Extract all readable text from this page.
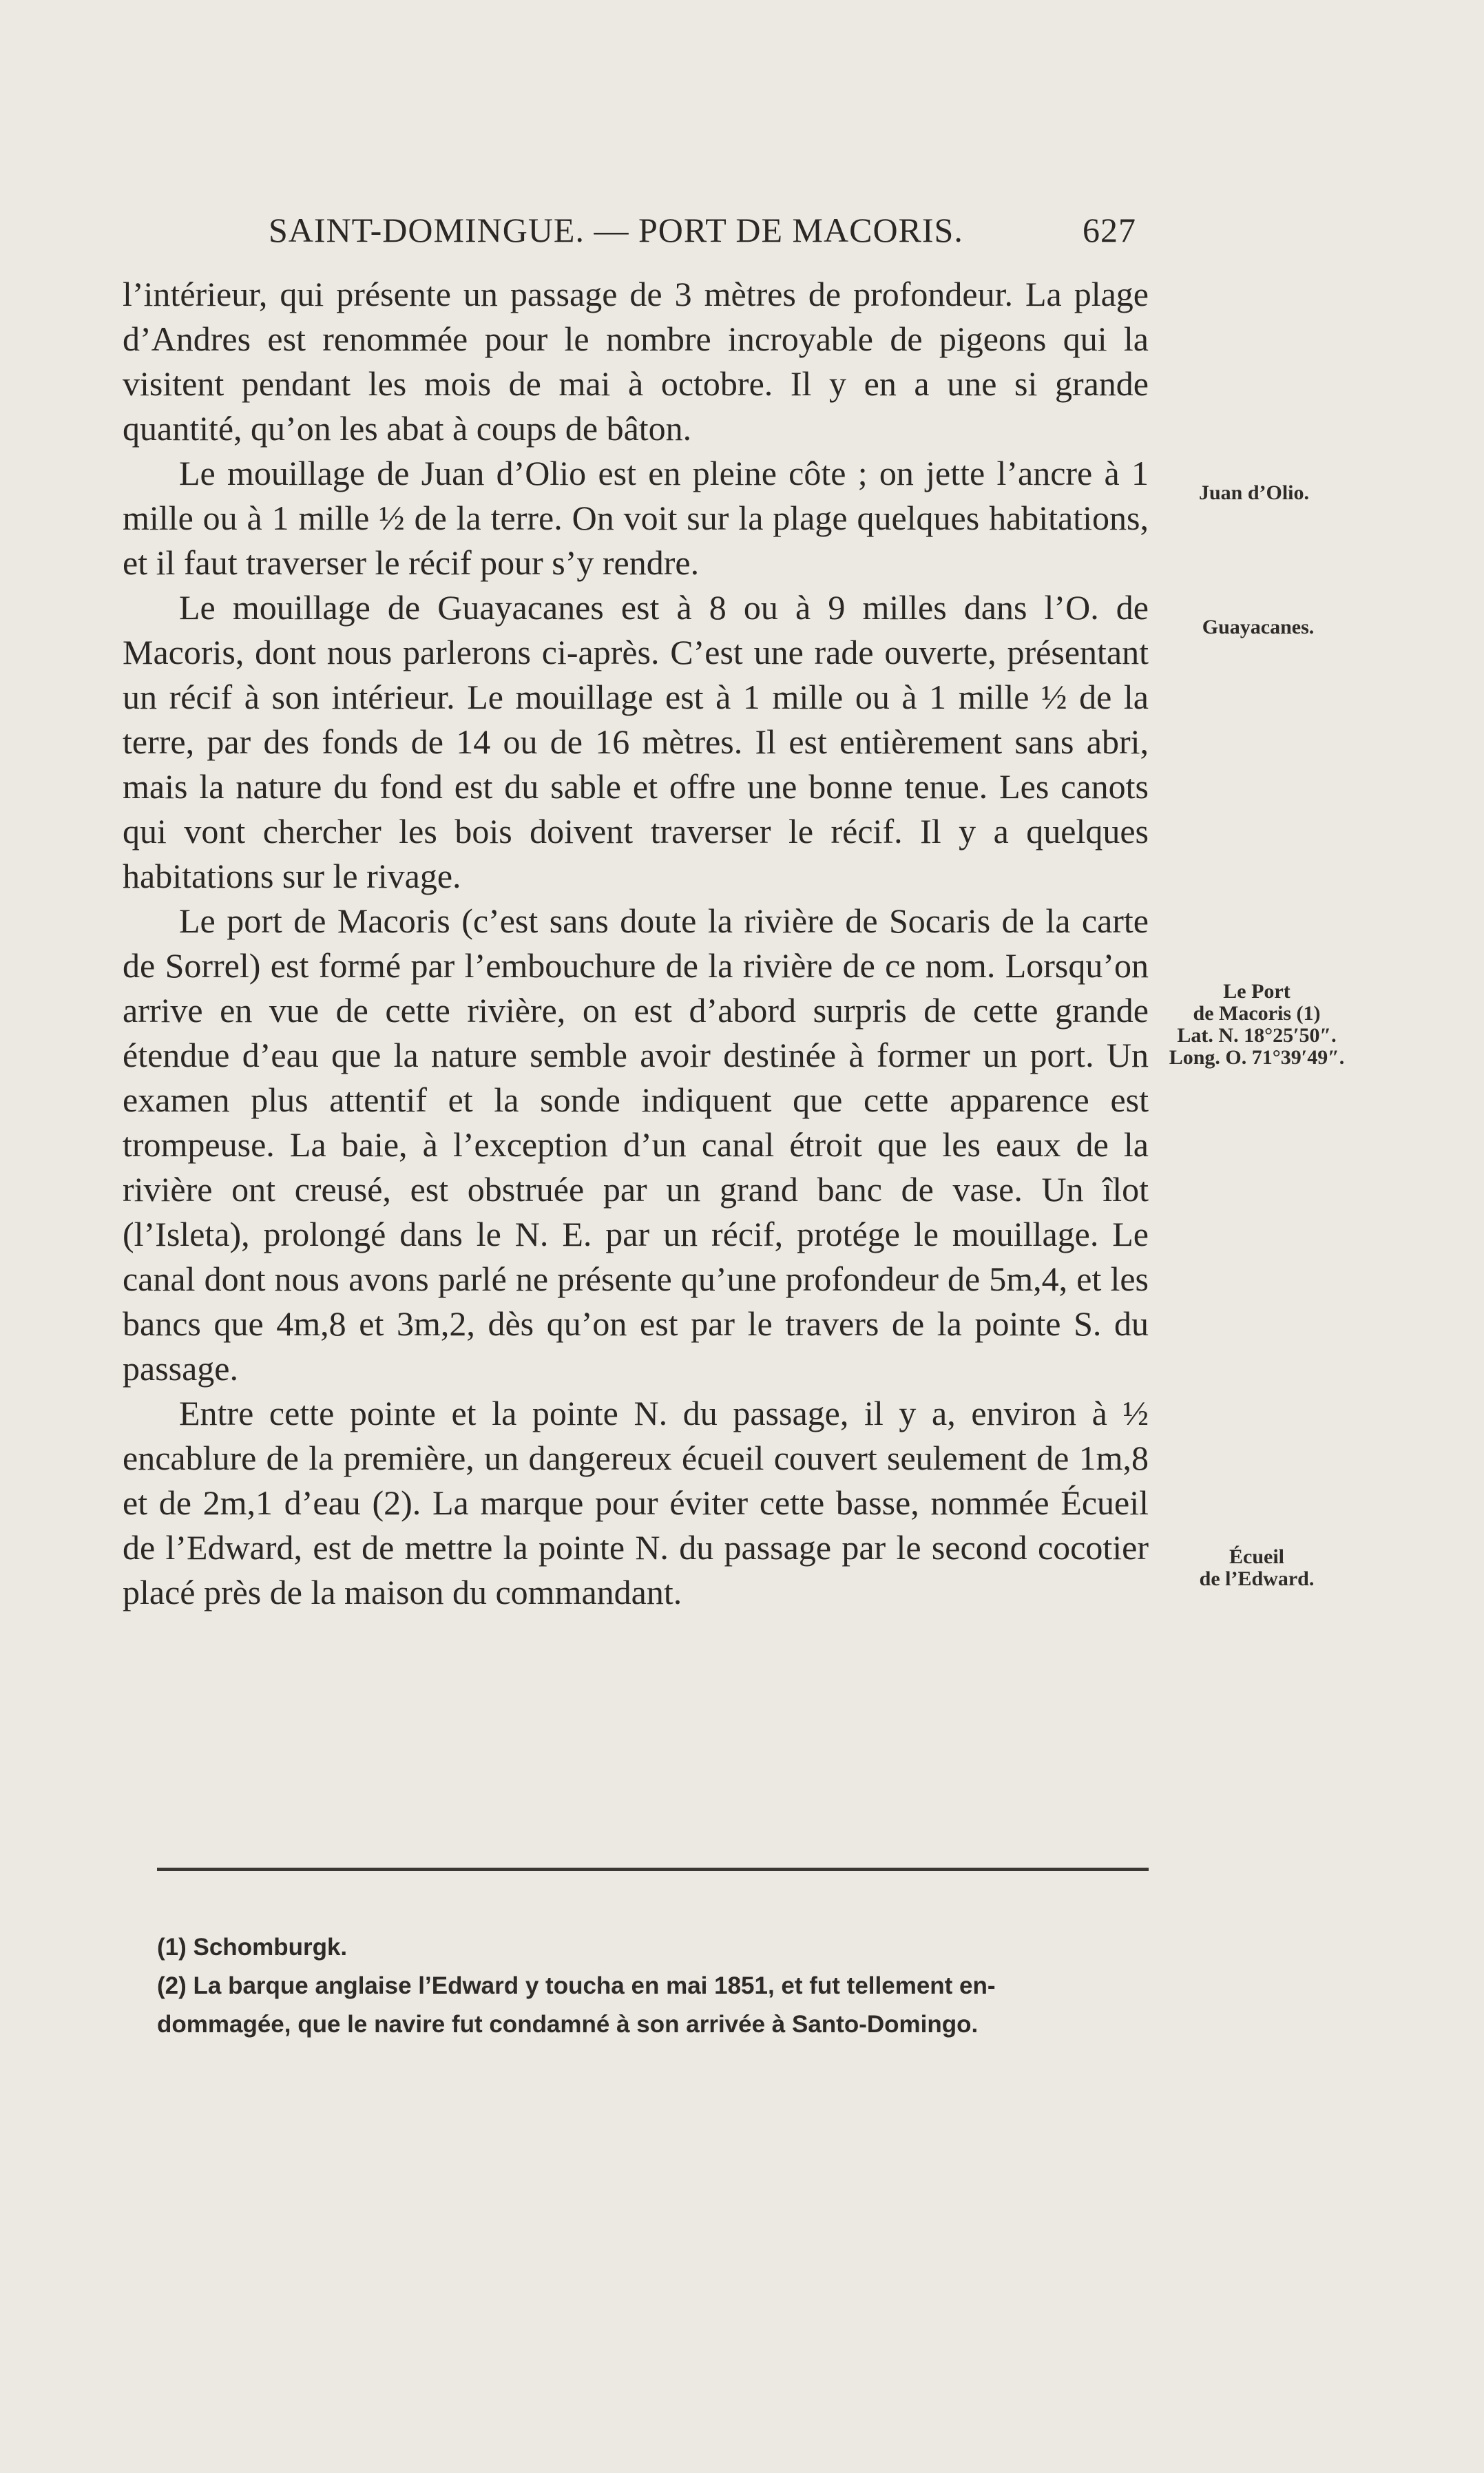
SAINT-DOMINGUE. — PORT DE MACORIS.	627

l’intérieur, qui présente un passage de 3 mètres de profondeur. La plage d’Andres est renommée pour le nombre incroyable de pigeons qui la visitent pendant les mois de mai à octobre. Il y en a une si grande quantité, qu’on les abat à coups de bâton.

Le mouillage de Juan d’Olio est en pleine côte ; on jette l’ancre à 1 mille ou à 1 mille ½ de la terre. On voit sur la plage quelques habitations, et il faut traverser le récif pour s’y rendre.

Le mouillage de Guayacanes est à 8 ou à 9 milles dans l’O. de Macoris, dont nous parlerons ci-après. C’est une rade ouverte, présentant un récif à son intérieur. Le mouillage est à 1 mille ou à 1 mille ½ de la terre, par des fonds de 14 ou de 16 mètres. Il est entièrement sans abri, mais la nature du fond est du sable et offre une bonne tenue. Les canots qui vont chercher les bois doivent traverser le récif. Il y a quelques habitations sur le rivage.

Le port de Macoris (c’est sans doute la rivière de Socaris de la carte de Sorrel) est formé par l’embouchure de la rivière de ce nom. Lorsqu’on arrive en vue de cette rivière, on est d’abord surpris de cette grande étendue d’eau que la nature semble avoir destinée à former un port. Un examen plus attentif et la sonde indiquent que cette apparence est trompeuse. La baie, à l’exception d’un canal étroit que les eaux de la rivière ont creusé, est obstruée par un grand banc de vase. Un îlot (l’Isleta), prolongé dans le N. E. par un récif, protége le mouillage. Le canal dont nous avons parlé ne présente qu’une profondeur de 5m,4, et les bancs que 4m,8 et 3m,2, dès qu’on est par le travers de la pointe S. du passage.

Entre cette pointe et la pointe N. du passage, il y a, environ à ½ encablure de la première, un dangereux écueil couvert seulement de 1m,8 et de 2m,1 d’eau (2). La marque pour éviter cette basse, nommée Écueil de l’Edward, est de mettre la pointe N. du passage par le second cocotier placé près de la maison du commandant.

Juan d’Olio.
Guayacanes.
Le Port
de Macoris (1)
Lat. N. 18°25′50″.
Long. O. 71°39′49″.
Écueil
de l’Edward.

(1) Schomburgk.

(2) La barque anglaise l’Edward y toucha en mai 1851, et fut tellement en-

dommagée, que le navire fut condamné à son arrivée à Santo-Domingo.
